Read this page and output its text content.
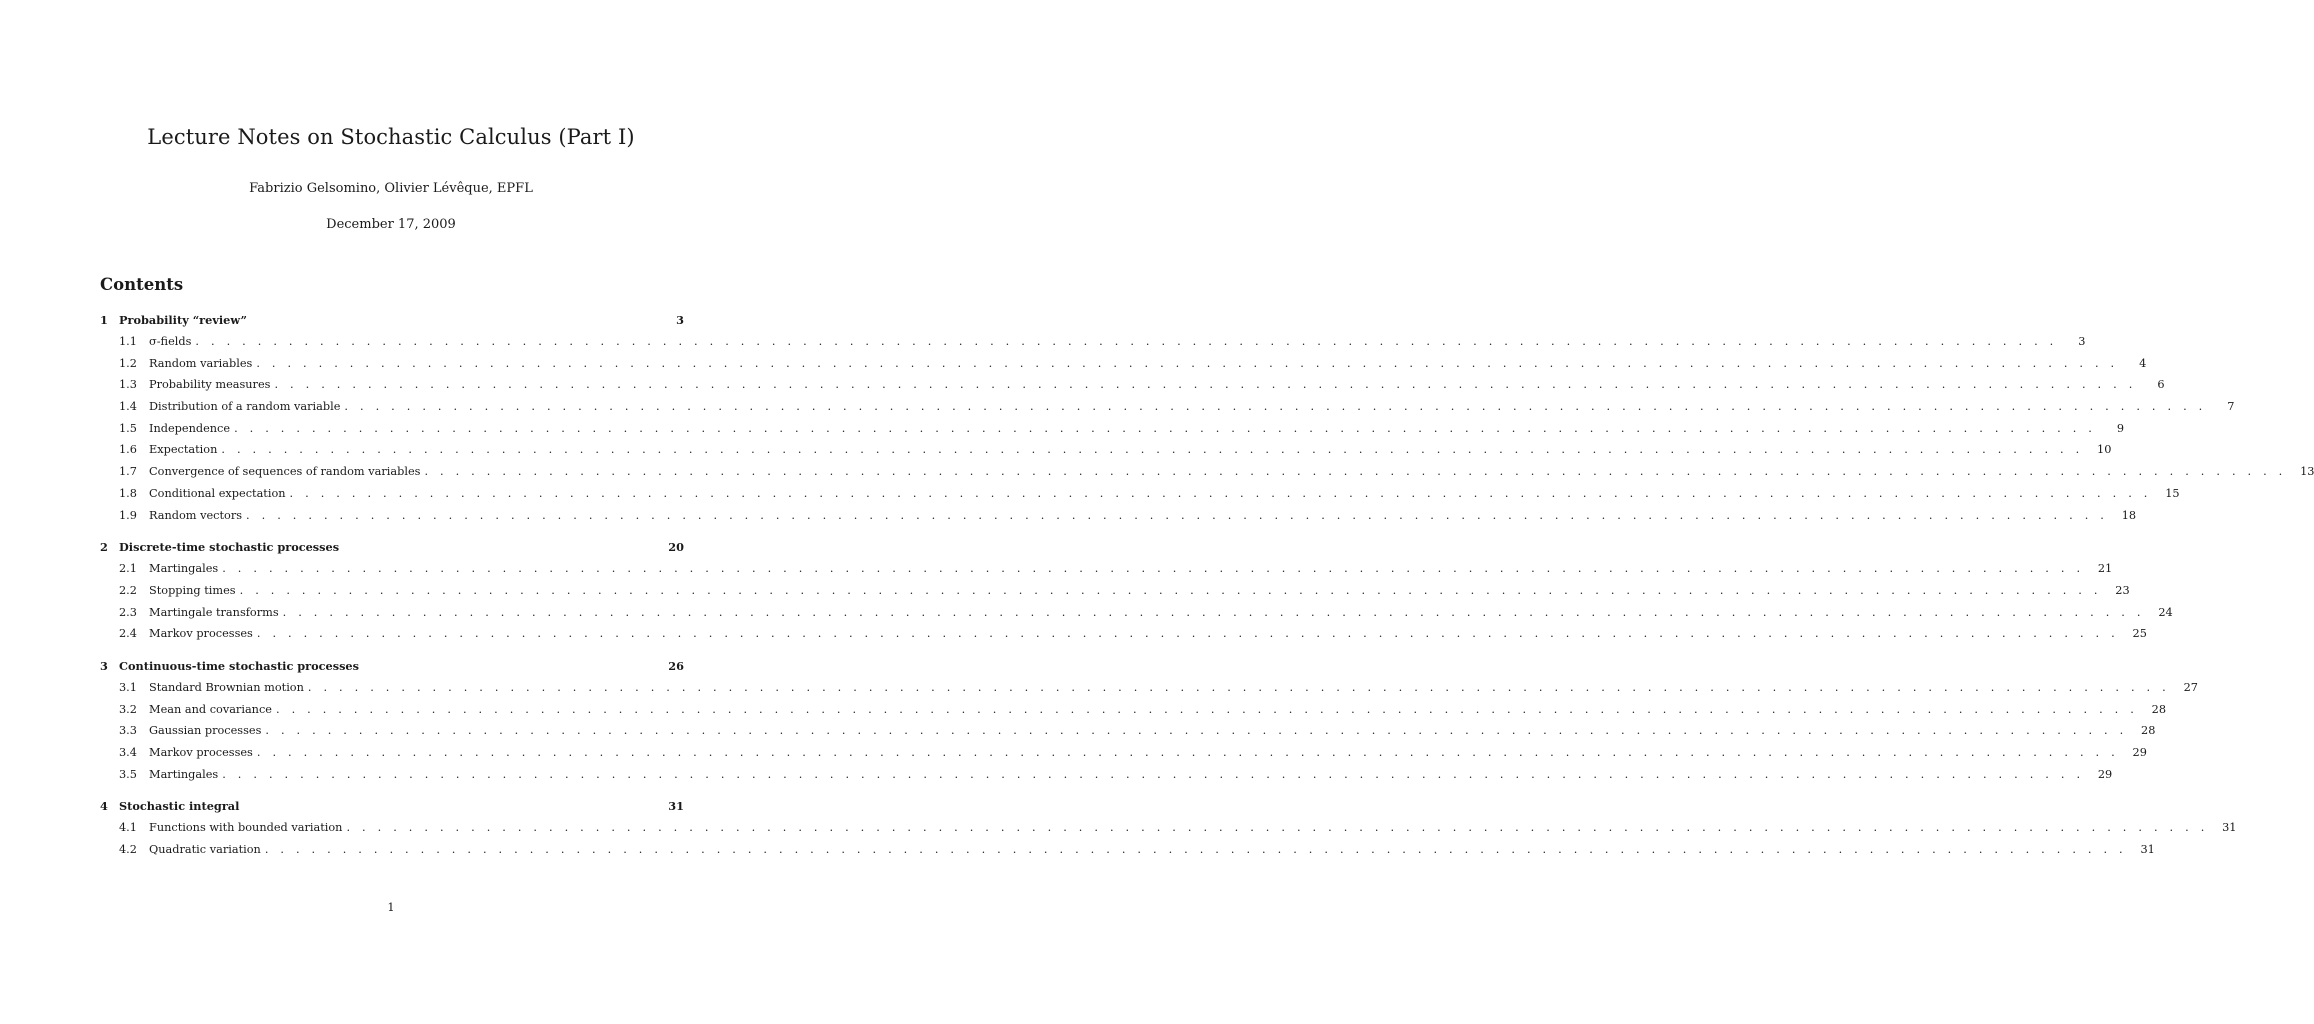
Lecture Notes on Stochastic Calculus (Part I)
Fabrizio Gelsomino, Olivier Lévêque, EPFL
December 17, 2009
Contents
1 Probability “review”	3
1.1	σ-fields . . . . . . . . . . . . . . . . . . . . . . . . . . . . . . . . . . . . . . . . . . . . . . . . . . . . . . . . . . . . . . . . . . . . . . . . . . . . . . . . . . . . . . . . . . . . . . . . . . . . . . . . . . . . . . . . . . . . . . . .	3
1.2	Random variables . . . . . . . . . . . . . . . . . . . . . . . . . . . . . . . . . . . . . . . . . . . . . . . . . . . . . . . . . . . . . . . . . . . . . . . . . . . . . . . . . . . . . . . . . . . . . . . . . . . . . . . . . . . . . . . . . . . . . . . .	4
1.3	Probability measures . . . . . . . . . . . . . . . . . . . . . . . . . . . . . . . . . . . . . . . . . . . . . . . . . . . . . . . . . . . . . . . . . . . . . . . . . . . . . . . . . . . . . . . . . . . . . . . . . . . . . . . . . . . . . . . . . . . . . . . .	6
1.4	Distribution of a random variable . . . . . . . . . . . . . . . . . . . . . . . . . . . . . . . . . . . . . . . . . . . . . . . . . . . . . . . . . . . . . . . . . . . . . . . . . . . . . . . . . . . . . . . . . . . . . . . . . . . . . . . . . . . . . . . . . . . . . . . .	7
1.5	Independence . . . . . . . . . . . . . . . . . . . . . . . . . . . . . . . . . . . . . . . . . . . . . . . . . . . . . . . . . . . . . . . . . . . . . . . . . . . . . . . . . . . . . . . . . . . . . . . . . . . . . . . . . . . . . . . . . . . . . . . .	9
1.6	Expectation . . . . . . . . . . . . . . . . . . . . . . . . . . . . . . . . . . . . . . . . . . . . . . . . . . . . . . . . . . . . . . . . . . . . . . . . . . . . . . . . . . . . . . . . . . . . . . . . . . . . . . . . . . . . . . . . . . . . . . . .	10
1.7	Convergence of sequences of random variables . . . . . . . . . . . . . . . . . . . . . . . . . . . . . . . . . . . . . . . . . . . . . . . . . . . . . . . . . . . . . . . . . . . . . . . . . . . . . . . . . . . . . . . . . . . . . . . . . . . . . . . . . . . . . . . . . . . . . . . .	13
1.8	Conditional expectation . . . . . . . . . . . . . . . . . . . . . . . . . . . . . . . . . . . . . . . . . . . . . . . . . . . . . . . . . . . . . . . . . . . . . . . . . . . . . . . . . . . . . . . . . . . . . . . . . . . . . . . . . . . . . . . . . . . . . . . .	15
1.9	Random vectors . . . . . . . . . . . . . . . . . . . . . . . . . . . . . . . . . . . . . . . . . . . . . . . . . . . . . . . . . . . . . . . . . . . . . . . . . . . . . . . . . . . . . . . . . . . . . . . . . . . . . . . . . . . . . . . . . . . . . . . .	18
2 Discrete-time stochastic processes	20
2.1	Martingales . . . . . . . . . . . . . . . . . . . . . . . . . . . . . . . . . . . . . . . . . . . . . . . . . . . . . . . . . . . . . . . . . . . . . . . . . . . . . . . . . . . . . . . . . . . . . . . . . . . . . . . . . . . . . . . . . . . . . . . .	21
2.2	Stopping times . . . . . . . . . . . . . . . . . . . . . . . . . . . . . . . . . . . . . . . . . . . . . . . . . . . . . . . . . . . . . . . . . . . . . . . . . . . . . . . . . . . . . . . . . . . . . . . . . . . . . . . . . . . . . . . . . . . . . . . .	23
2.3	Martingale transforms . . . . . . . . . . . . . . . . . . . . . . . . . . . . . . . . . . . . . . . . . . . . . . . . . . . . . . . . . . . . . . . . . . . . . . . . . . . . . . . . . . . . . . . . . . . . . . . . . . . . . . . . . . . . . . . . . . . . . . . .	24
2.4	Markov processes . . . . . . . . . . . . . . . . . . . . . . . . . . . . . . . . . . . . . . . . . . . . . . . . . . . . . . . . . . . . . . . . . . . . . . . . . . . . . . . . . . . . . . . . . . . . . . . . . . . . . . . . . . . . . . . . . . . . . . . .	25
3 Continuous-time stochastic processes	26
3.1	Standard Brownian motion . . . . . . . . . . . . . . . . . . . . . . . . . . . . . . . . . . . . . . . . . . . . . . . . . . . . . . . . . . . . . . . . . . . . . . . . . . . . . . . . . . . . . . . . . . . . . . . . . . . . . . . . . . . . . . . . . . . . . . . .	27
3.2	Mean and covariance . . . . . . . . . . . . . . . . . . . . . . . . . . . . . . . . . . . . . . . . . . . . . . . . . . . . . . . . . . . . . . . . . . . . . . . . . . . . . . . . . . . . . . . . . . . . . . . . . . . . . . . . . . . . . . . . . . . . . . . .	28
3.3	Gaussian processes . . . . . . . . . . . . . . . . . . . . . . . . . . . . . . . . . . . . . . . . . . . . . . . . . . . . . . . . . . . . . . . . . . . . . . . . . . . . . . . . . . . . . . . . . . . . . . . . . . . . . . . . . . . . . . . . . . . . . . . .	28
3.4	Markov processes . . . . . . . . . . . . . . . . . . . . . . . . . . . . . . . . . . . . . . . . . . . . . . . . . . . . . . . . . . . . . . . . . . . . . . . . . . . . . . . . . . . . . . . . . . . . . . . . . . . . . . . . . . . . . . . . . . . . . . . .	29
3.5	Martingales . . . . . . . . . . . . . . . . . . . . . . . . . . . . . . . . . . . . . . . . . . . . . . . . . . . . . . . . . . . . . . . . . . . . . . . . . . . . . . . . . . . . . . . . . . . . . . . . . . . . . . . . . . . . . . . . . . . . . . . .	29
4 Stochastic integral	31
4.1	Functions with bounded variation . . . . . . . . . . . . . . . . . . . . . . . . . . . . . . . . . . . . . . . . . . . . . . . . . . . . . . . . . . . . . . . . . . . . . . . . . . . . . . . . . . . . . . . . . . . . . . . . . . . . . . . . . . . . . . . . . . . . . . . .	31
4.2	Quadratic variation . . . . . . . . . . . . . . . . . . . . . . . . . . . . . . . . . . . . . . . . . . . . . . . . . . . . . . . . . . . . . . . . . . . . . . . . . . . . . . . . . . . . . . . . . . . . . . . . . . . . . . . . . . . . . . . . . . . . . . . .	31
1
